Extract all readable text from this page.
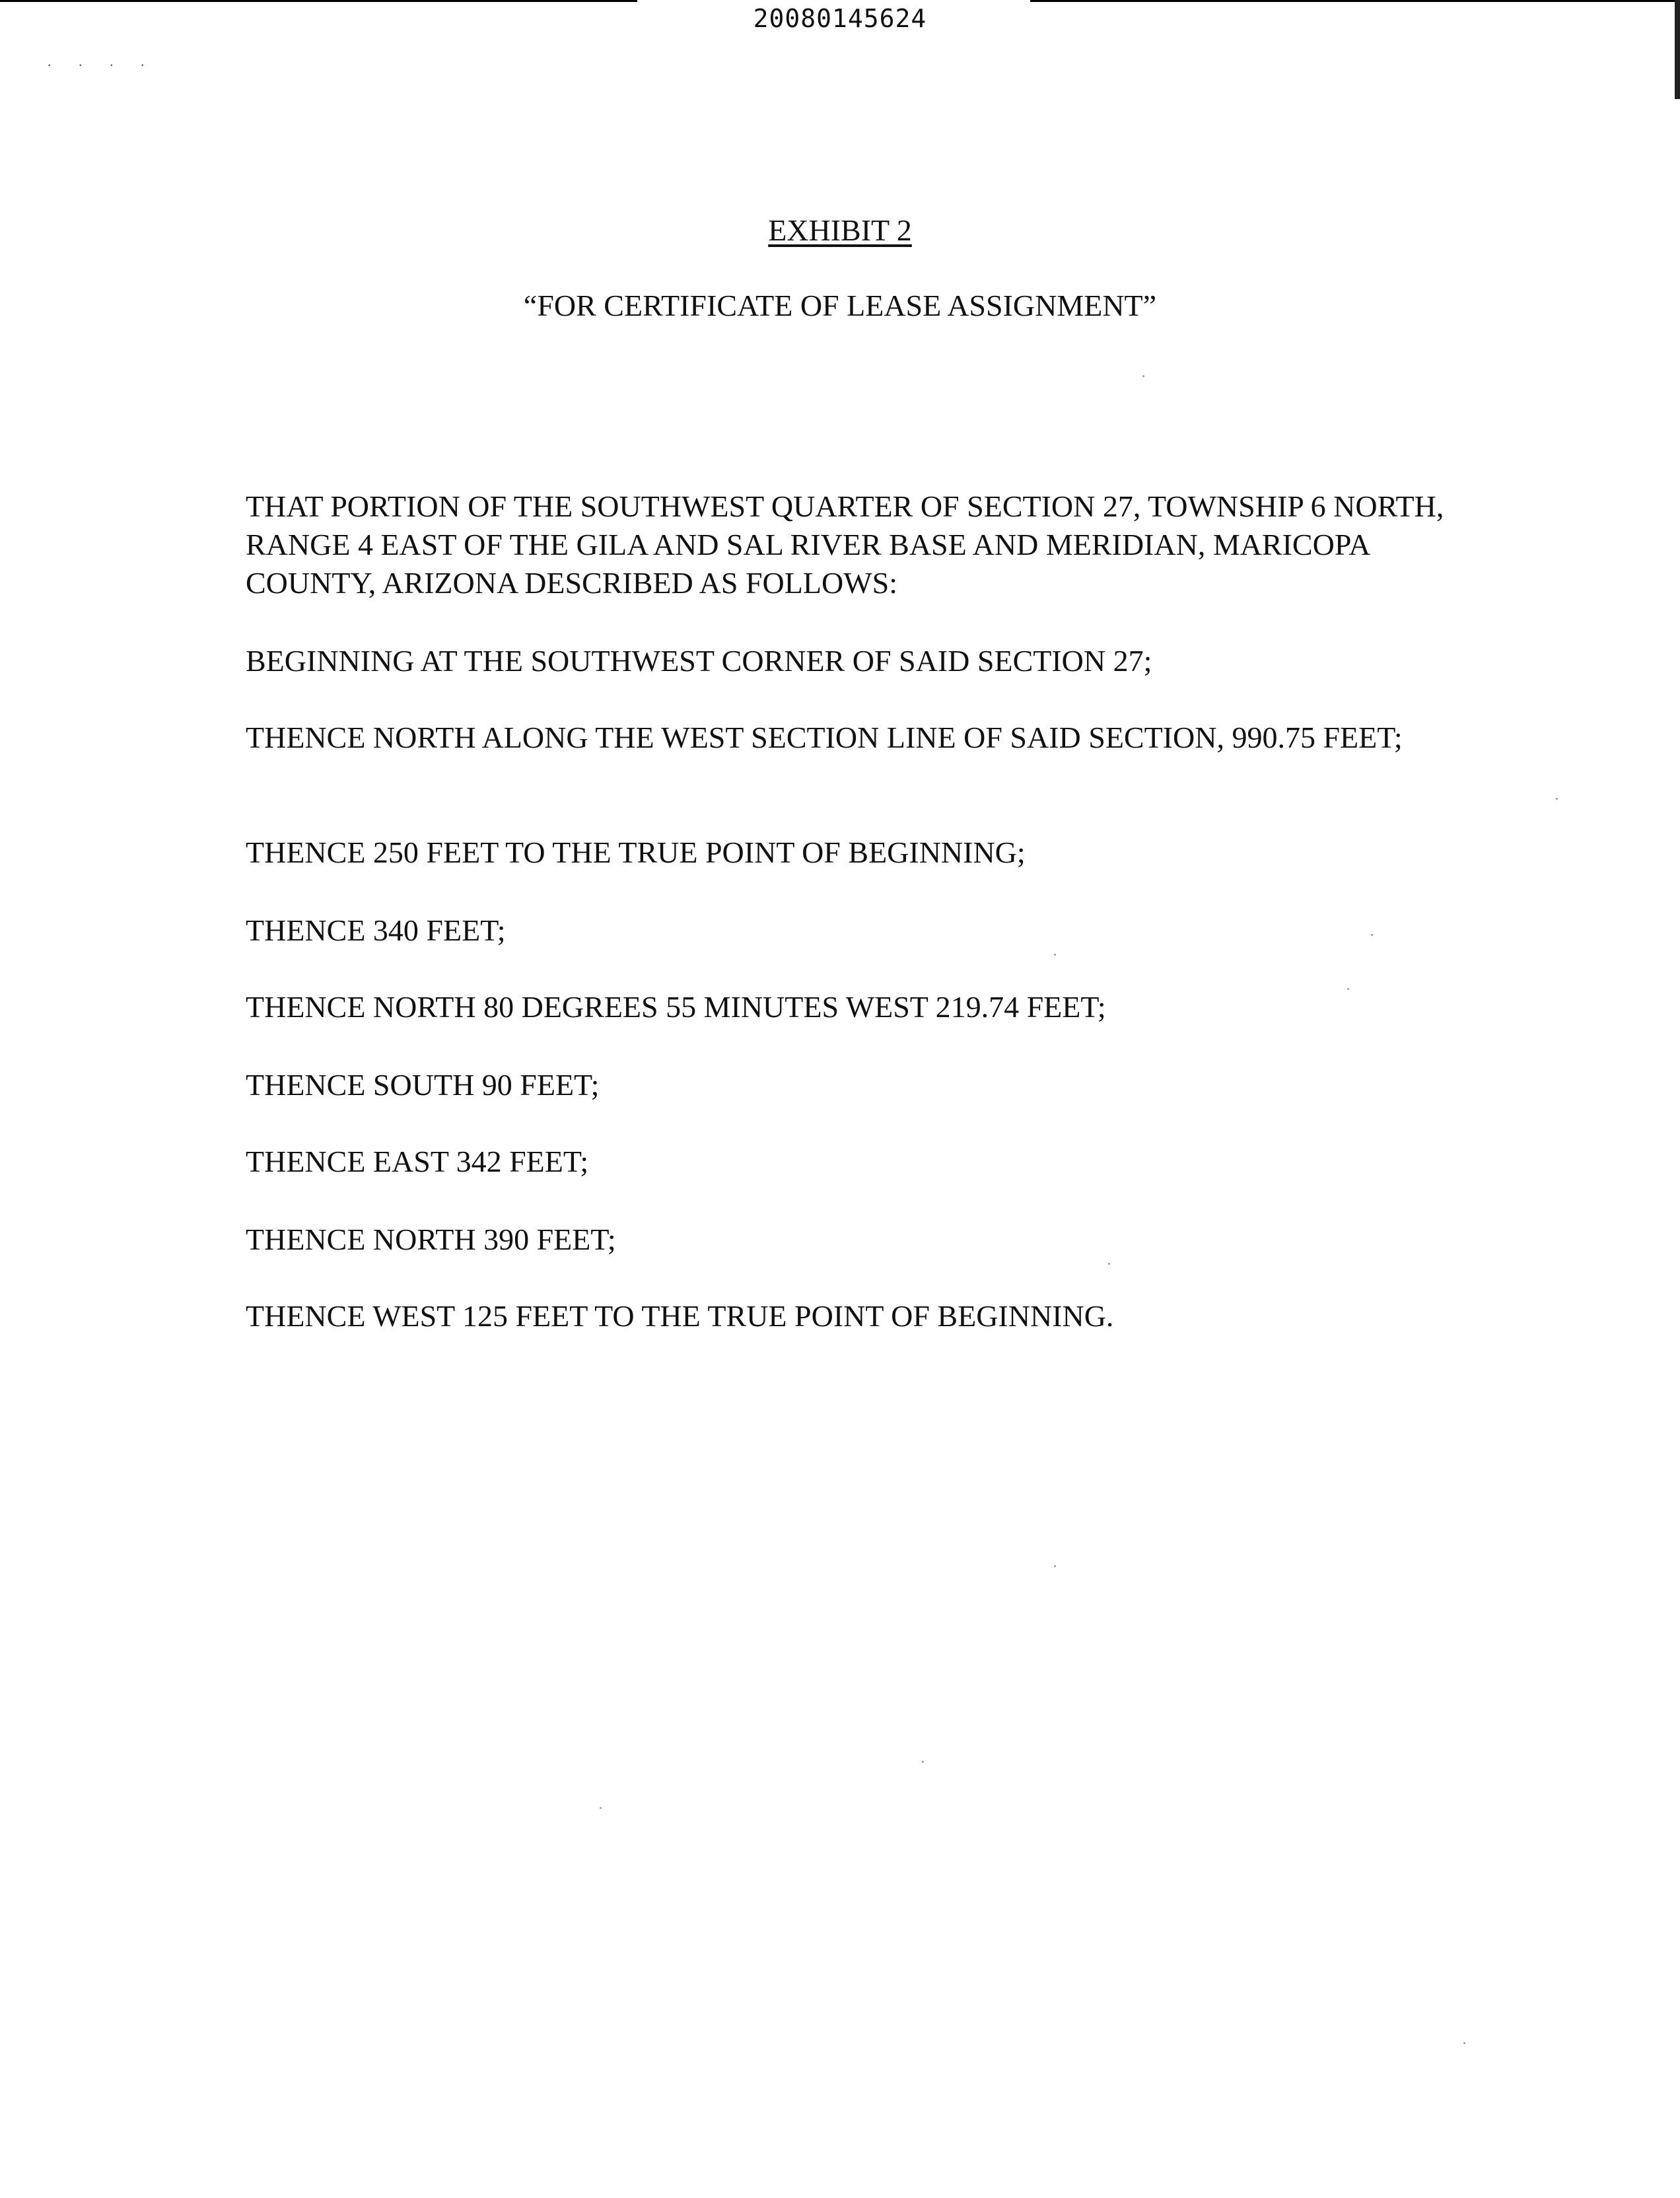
20080145624
. . . .
EXHIBIT 2
“FOR CERTIFICATE OF LEASE ASSIGNMENT”

THAT PORTION OF THE SOUTHWEST QUARTER OF SECTION 27, TOWNSHIP 6 NORTH, RANGE 4 EAST OF THE GILA AND SAL RIVER BASE AND MERIDIAN, MARICOPA COUNTY, ARIZONA DESCRIBED AS FOLLOWS:

BEGINNING AT THE SOUTHWEST CORNER OF SAID SECTION 27;

THENCE NORTH ALONG THE WEST SECTION LINE OF SAID SECTION, 990.75 FEET;

THENCE 250 FEET TO THE TRUE POINT OF BEGINNING;

THENCE 340 FEET;

THENCE NORTH 80 DEGREES 55 MINUTES WEST 219.74 FEET;

THENCE SOUTH 90 FEET;

THENCE EAST 342 FEET;

THENCE NORTH 390 FEET;

THENCE WEST 125 FEET TO THE TRUE POINT OF BEGINNING.
